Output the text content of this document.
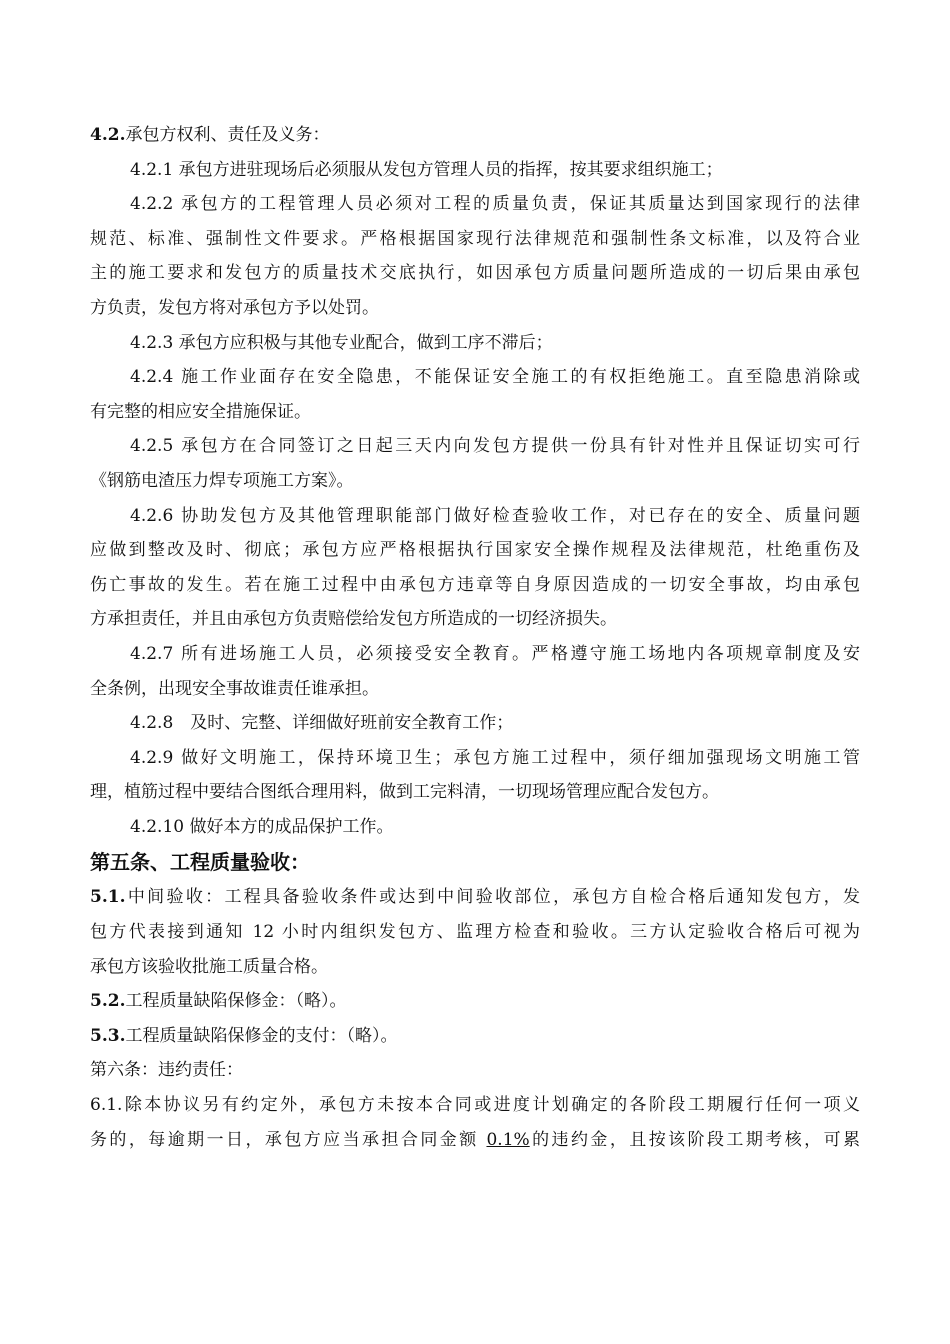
4.2.承包方权利、责任及义务：
4.2.1 承包方进驻现场后必须服从发包方管理人员的指挥，按其要求组织施工；
4.2.2 承包方的工程管理人员必须对工程的质量负责，保证其质量达到国家现行的法律
规范、标准、强制性文件要求。严格根据国家现行法律规范和强制性条文标准，以及符合业
主的施工要求和发包方的质量技术交底执行，如因承包方质量问题所造成的一切后果由承包
方负责，发包方将对承包方予以处罚。
4.2.3 承包方应积极与其他专业配合，做到工序不滞后；
4.2.4 施工作业面存在安全隐患，不能保证安全施工的有权拒绝施工。直至隐患消除或
有完整的相应安全措施保证。
4.2.5 承包方在合同签订之日起三天内向发包方提供一份具有针对性并且保证切实可行
《钢筋电渣压力焊专项施工方案》。
4.2.6 协助发包方及其他管理职能部门做好检查验收工作，对已存在的安全、质量问题
应做到整改及时、彻底；承包方应严格根据执行国家安全操作规程及法律规范，杜绝重伤及
伤亡事故的发生。若在施工过程中由承包方违章等自身原因造成的一切安全事故，均由承包
方承担责任，并且由承包方负责赔偿给发包方所造成的一切经济损失。
4.2.7 所有进场施工人员，必须接受安全教育。严格遵守施工场地内各项规章制度及安
全条例，出现安全事故谁责任谁承担。
4.2.8　及时、完整、详细做好班前安全教育工作；
4.2.9 做好文明施工，保持环境卫生；承包方施工过程中，须仔细加强现场文明施工管
理，植筋过程中要结合图纸合理用料，做到工完料清，一切现场管理应配合发包方。
4.2.10 做好本方的成品保护工作。
第五条、工程质量验收：
5.1.中间验收：工程具备验收条件或达到中间验收部位，承包方自检合格后通知发包方，发
包方代表接到通知 12 小时内组织发包方、监理方检查和验收。三方认定验收合格后可视为
承包方该验收批施工质量合格。
5.2.工程质量缺陷保修金：（略）。
5.3.工程质量缺陷保修金的支付：（略）。
第六条：违约责任：
6.1.除本协议另有约定外，承包方未按本合同或进度计划确定的各阶段工期履行任何一项义
务的，每逾期一日，承包方应当承担合同金额 0.1%的违约金，且按该阶段工期考核，可累
